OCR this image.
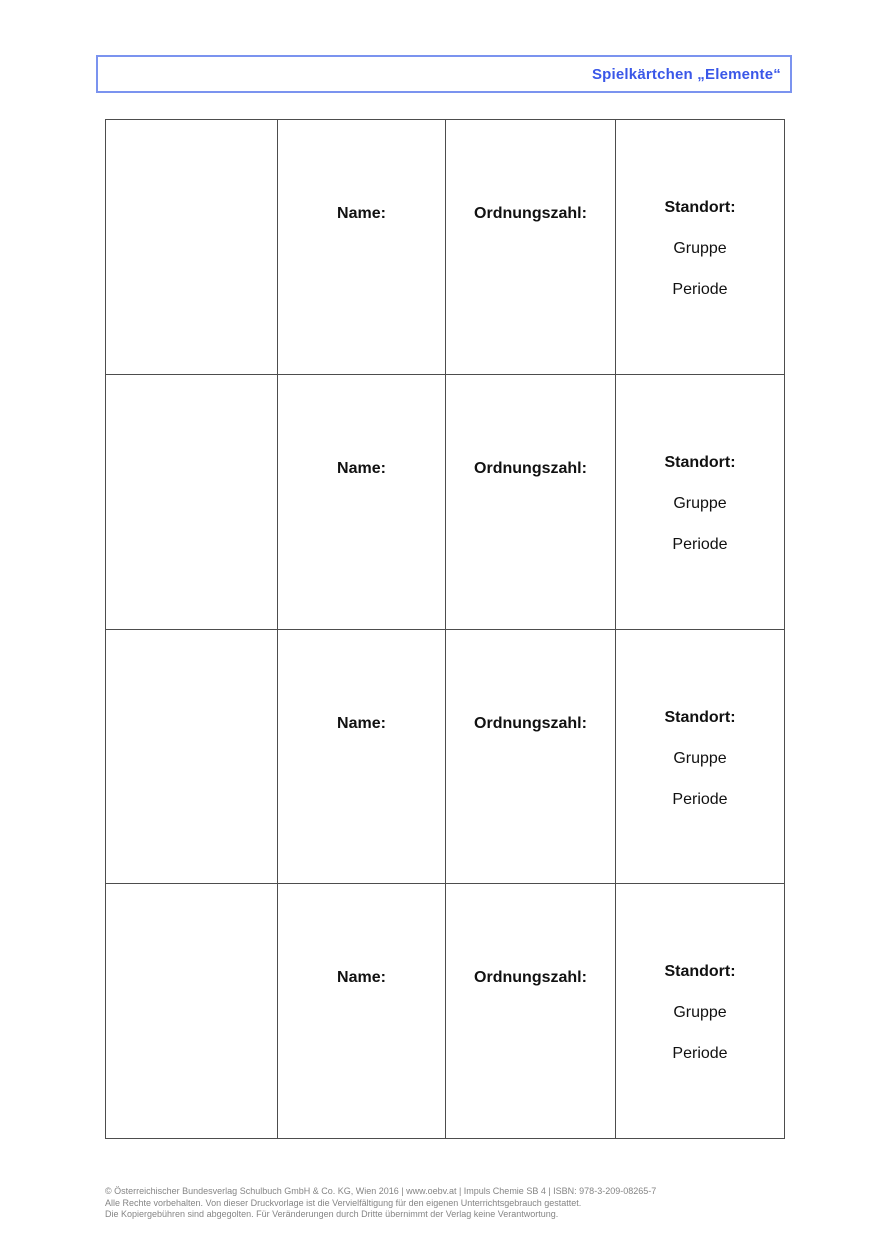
Spielkärtchen „Elemente“
Name:	Ordnungszahl:	Standort:
Gruppe
Periode
Name:	Ordnungszahl:	Standort:
Gruppe
Periode
Name:	Ordnungszahl:	Standort:
Gruppe
Periode
Name:	Ordnungszahl:	Standort:
Gruppe
Periode
© Österreichischer Bundesverlag Schulbuch GmbH & Co. KG, Wien 2016 | www.oebv.at | Impuls Chemie SB 4 | ISBN: 978-3-209-08265-7
Alle Rechte vorbehalten. Von dieser Druckvorlage ist die Vervielfältigung für den eigenen Unterrichtsgebrauch gestattet.
Die Kopiergebühren sind abgegolten. Für Veränderungen durch Dritte übernimmt der Verlag keine Verantwortung.
